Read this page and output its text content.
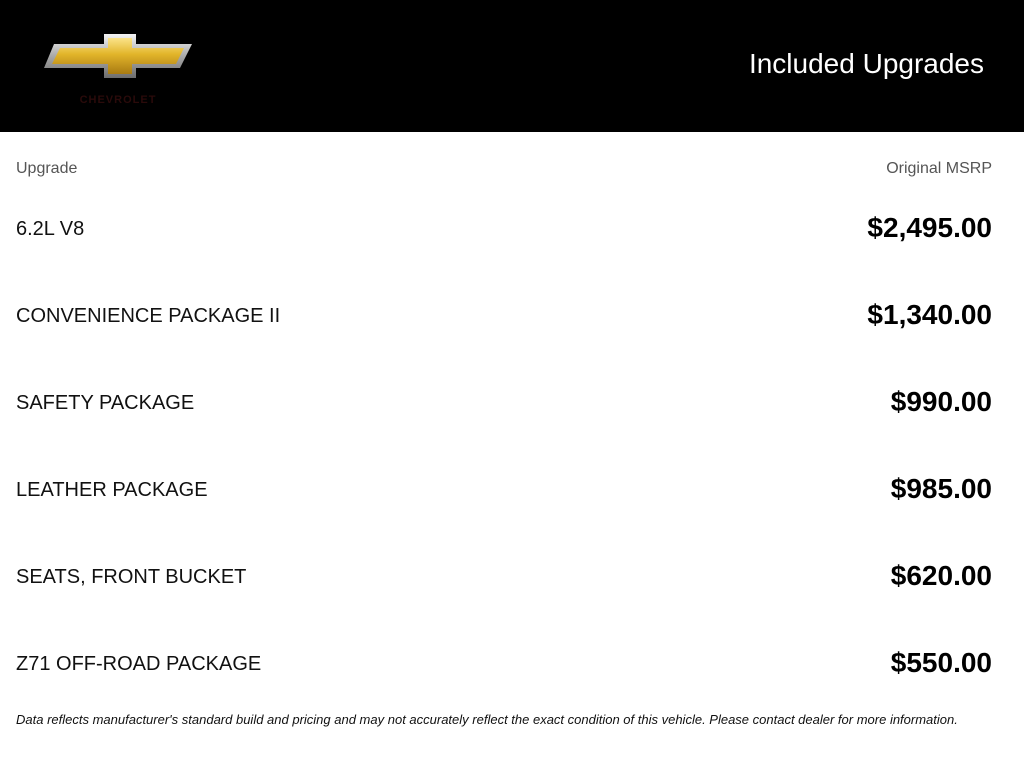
CHEVROLET
Included Upgrades
Upgrade	Original MSRP
6.2L V8	$2,495.00
CONVENIENCE PACKAGE II	$1,340.00
SAFETY PACKAGE	$990.00
LEATHER PACKAGE	$985.00
SEATS, FRONT BUCKET	$620.00
Z71 OFF-ROAD PACKAGE	$550.00
Data reflects manufacturer's standard build and pricing and may not accurately reflect the exact condition of this vehicle. Please contact dealer for more information.
